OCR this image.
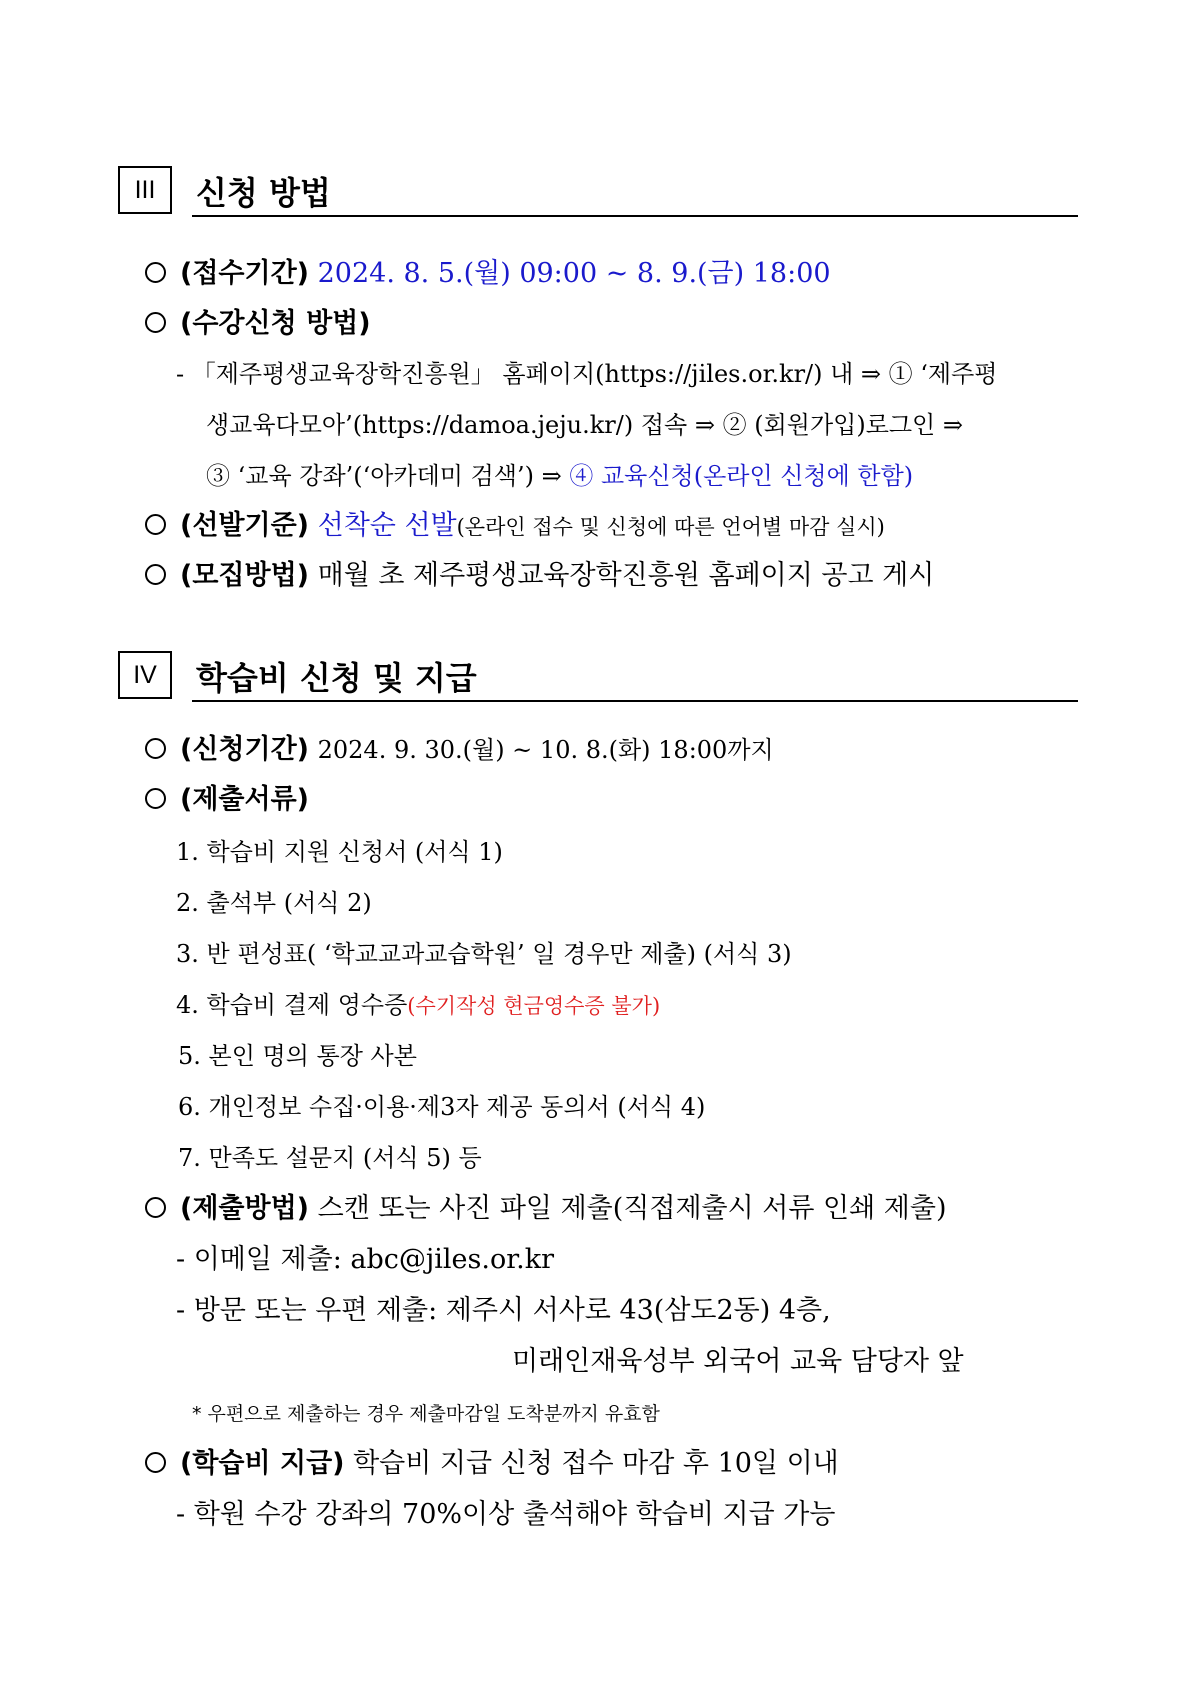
III	신청 방법
(접수기간) 2024. 8. 5.(월) 09:00 ~ 8. 9.(금) 18:00
(수강신청 방법)
- 「제주평생교육장학진흥원」 홈페이지(https://jiles.or.kr/) 내 ⇒ ① ‘제주평
생교육다모아’(https://damoa.jeju.kr/) 접속 ⇒ ② (회원가입)로그인 ⇒
③ ‘교육 강좌’(‘아카데미 검색’) ⇒ ④ 교육신청(온라인 신청에 한함)
(선발기준) 선착순 선발(온라인 접수 및 신청에 따른 언어별 마감 실시)
(모집방법) 매월 초 제주평생교육장학진흥원 홈페이지 공고 게시
IV	학습비 신청 및 지급
(신청기간) 2024. 9. 30.(월) ~ 10. 8.(화) 18:00까지
(제출서류)
1. 학습비 지원 신청서 (서식 1)
2. 출석부 (서식 2)
3. 반 편성표( ‘학교교과교습학원’ 일 경우만 제출) (서식 3)
4. 학습비 결제 영수증(수기작성 현금영수증 불가)
5. 본인 명의 통장 사본
6. 개인정보 수집·이용·제3자 제공 동의서 (서식 4)
7. 만족도 설문지 (서식 5) 등
(제출방법) 스캔 또는 사진 파일 제출(직접제출시 서류 인쇄 제출)
- 이메일 제출: abc@jiles.or.kr
- 방문 또는 우편 제출: 제주시 서사로 43(삼도2동) 4층,
미래인재육성부 외국어 교육 담당자 앞
* 우편으로 제출하는 경우 제출마감일 도착분까지 유효함
(학습비 지급) 학습비 지급 신청 접수 마감 후 10일 이내
- 학원 수강 강좌의 70%이상 출석해야 학습비 지급 가능
